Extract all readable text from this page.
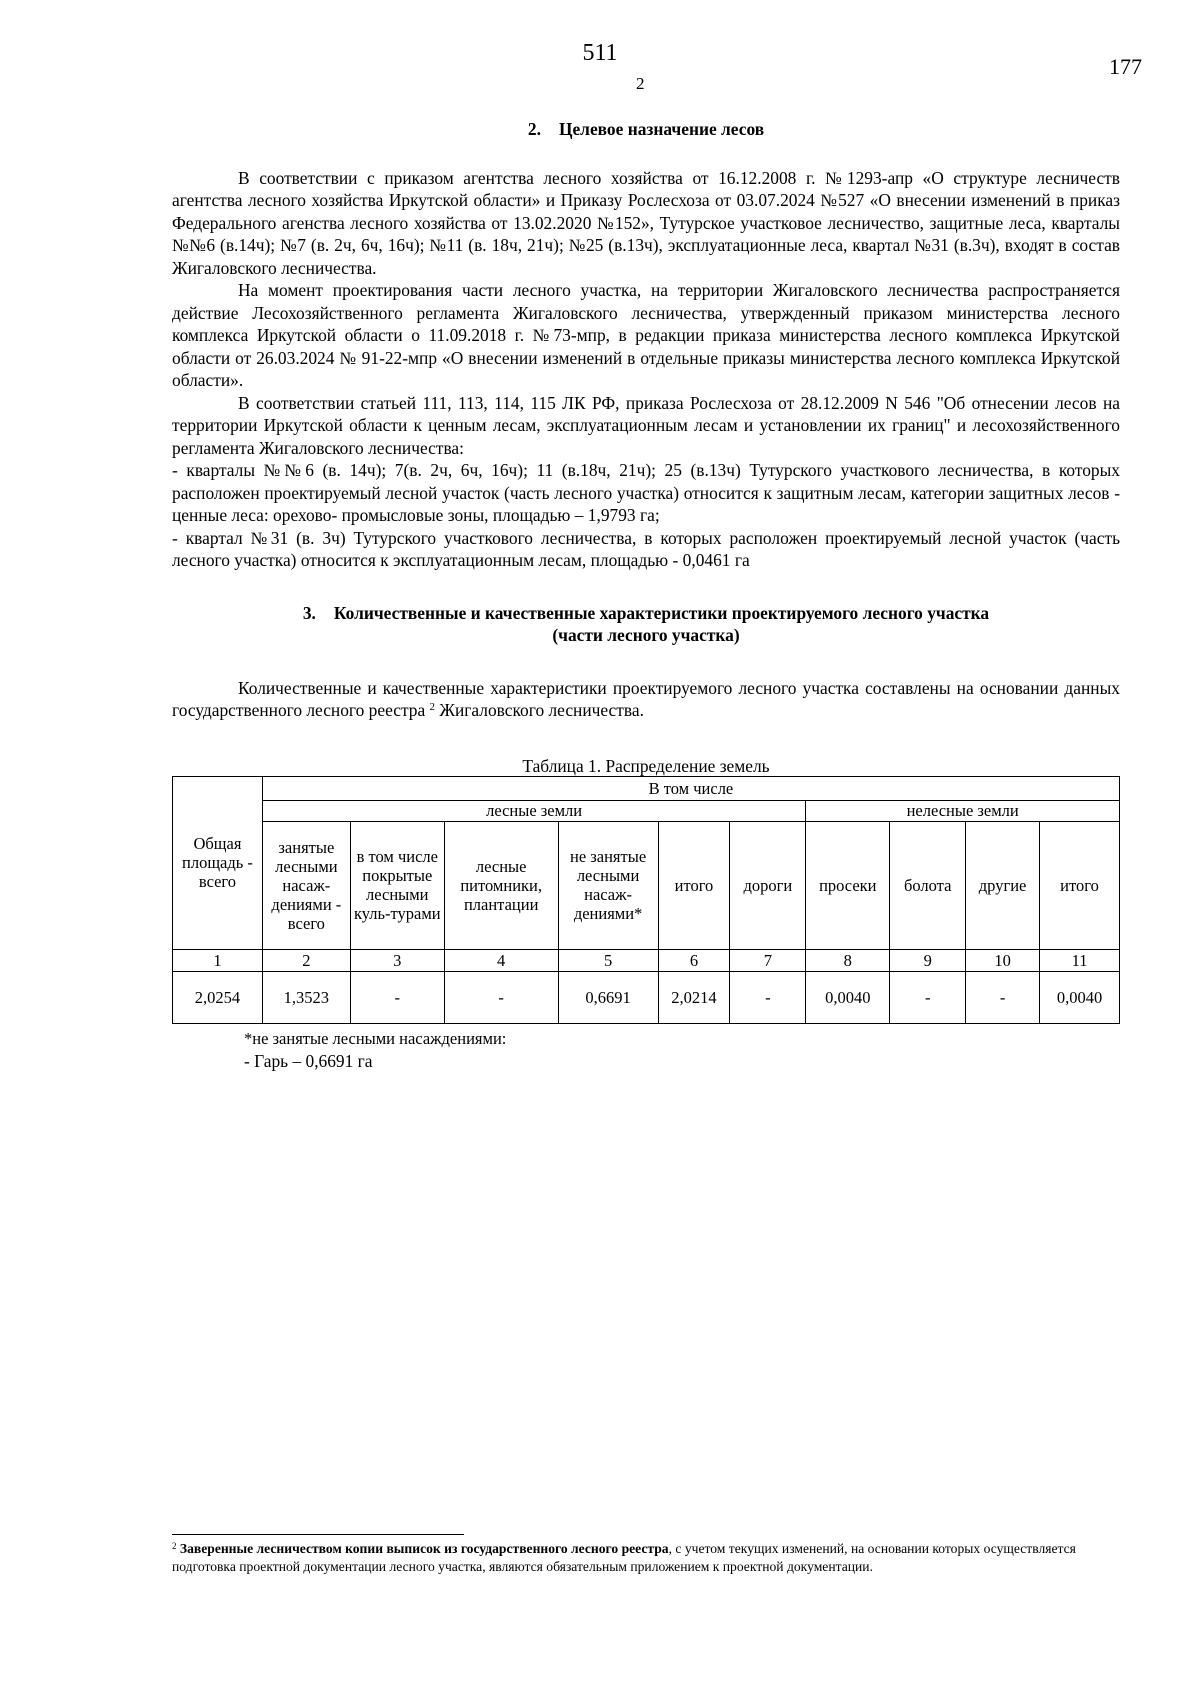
511
2
177
2. Целевое назначение лесов

В соответствии с приказом агентства лесного хозяйства от 16.12.2008 г. №1293-апр «О структуре лесничеств агентства лесного хозяйства Иркутской области» и Приказу Рослесхоза от 03.07.2024 №527 «О внесении изменений в приказ Федерального агенства лесного хозяйства от 13.02.2020 №152», Тутурское участковое лесничество, защитные леса, кварталы №№6 (в.14ч); №7 (в. 2ч, 6ч, 16ч); №11 (в. 18ч, 21ч); №25 (в.13ч), эксплуатационные леса, квартал №31 (в.3ч), входят в состав Жигаловского лесничества.

На момент проектирования части лесного участка, на территории Жигаловского лесничества распространяется действие Лесохозяйственного регламента Жигаловского лесничества, утвержденный приказом министерства лесного комплекса Иркутской области о 11.09.2018 г. №73-мпр, в редакции приказа министерства лесного комплекса Иркутской области от 26.03.2024 № 91-22-мпр «О внесении изменений в отдельные приказы министерства лесного комплекса Иркутской области».

В соответствии статьей 111, 113, 114, 115 ЛК РФ, приказа Рослесхоза от 28.12.2009 N 546 "Об отнесении лесов на территории Иркутской области к ценным лесам, эксплуатационным лесам и установлении их границ" и лесохозяйственного регламента Жигаловского лесничества:

- кварталы №№6 (в. 14ч); 7(в. 2ч, 6ч, 16ч); 11 (в.18ч, 21ч); 25 (в.13ч) Тутурского участкового лесничества, в которых расположен проектируемый лесной участок (часть лесного участка) относится к защитным лесам, категории защитных лесов - ценные леса: орехово- промысловые зоны, площадью – 1,9793 га;

- квартал №31 (в. 3ч) Тутурского участкового лесничества, в которых расположен проектируемый лесной участок (часть лесного участка) относится к эксплуатационным лесам, площадью - 0,0461 га

3. Количественные и качественные характеристики проектируемого лесного участка
(части лесного участка)

Количественные и качественные характеристики проектируемого лесного участка составлены на основании данных государственного лесного реестра $^2$ Жигаловского лесничества.

Таблица 1. Распределение земель
Общая площадь - всего	В том числе									
	лесные земли						нелесные земли			
	занятые лесными насаж-дениями - всего	в том числе покрытые лесными куль-турами	лесные питомники, плантации	не занятые лесными насаж-дениями*	итого	дороги	просеки	болота	другие	итого
1	2	3	4	5	6	7	8	9	10	11
2,0254	1,3523	-	-	0,6691	2,0214	-	0,0040	-	-	0,0040
*не занятые лесными насаждениями:
- Гарь – 0,6691 га
$^2$ Заверенные лесничеством копии выписок из государственного лесного реестра, с учетом текущих изменений, на основании которых осуществляется подготовка проектной документации лесного участка, являются обязательным приложением к проектной документации.
